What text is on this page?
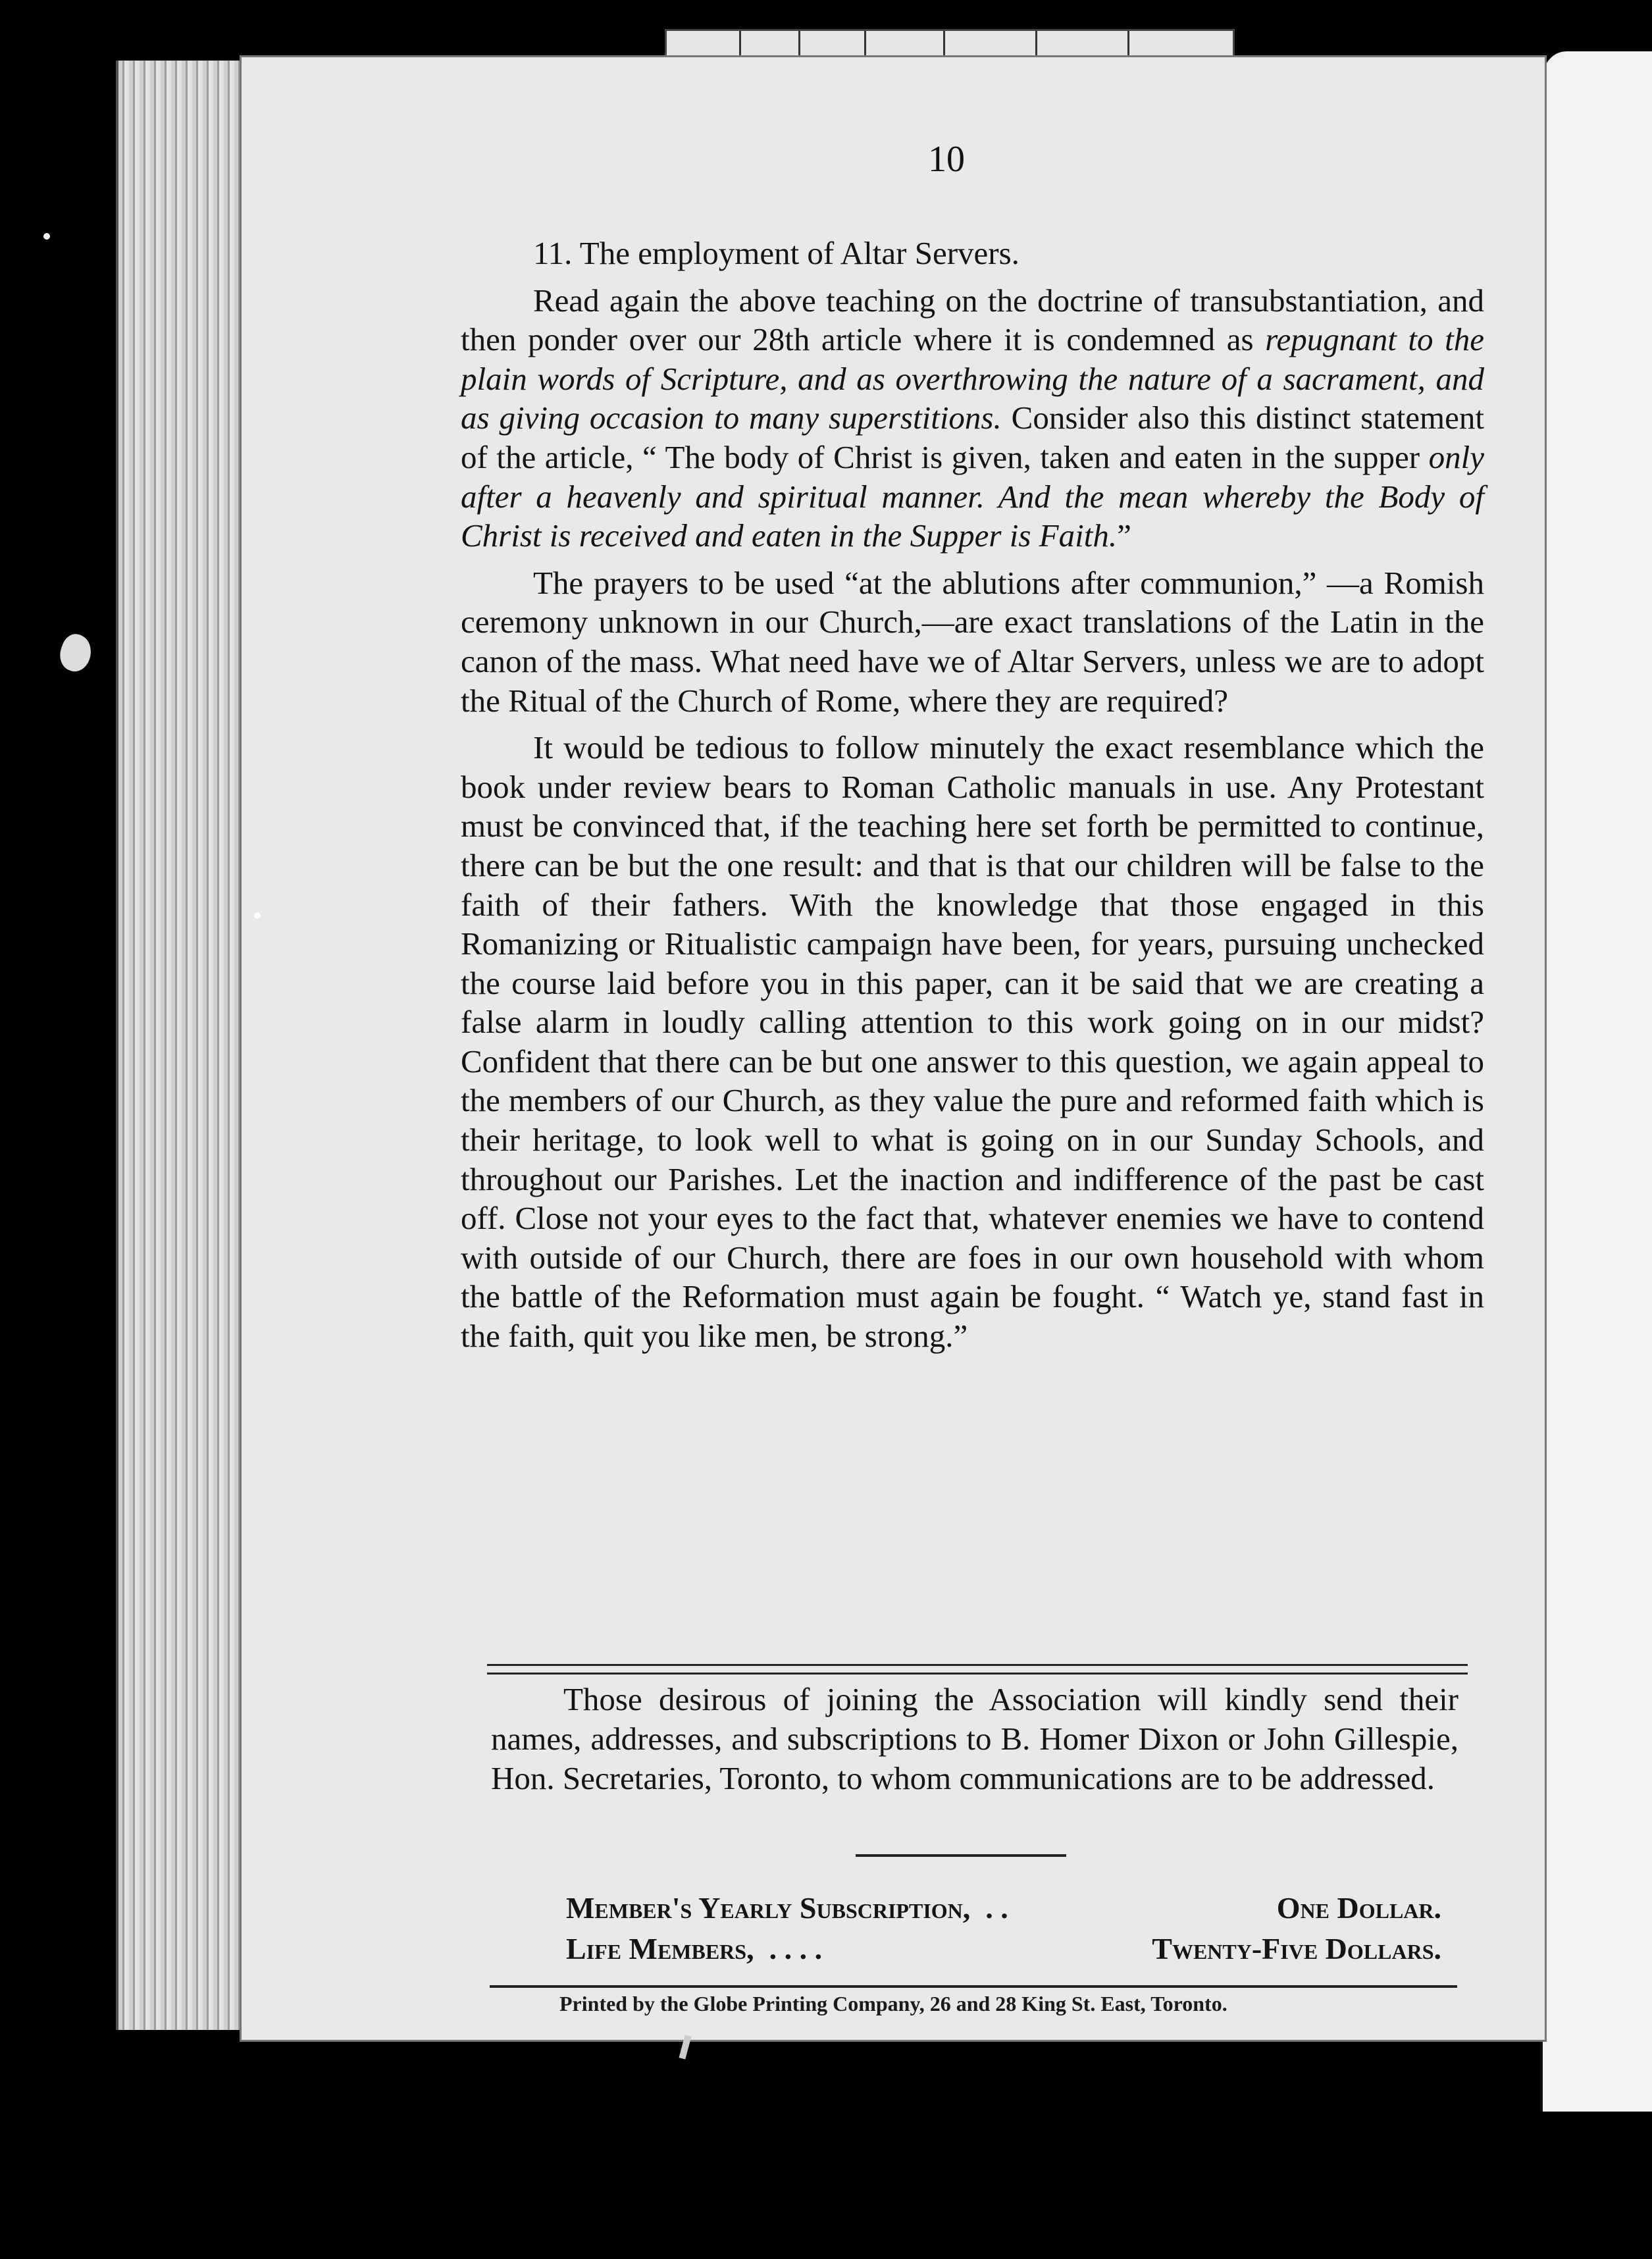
10

11. The employment of Altar Servers.

Read again the above teaching on the doctrine of transubstantiation, and then ponder over our 28th article where it is condemned as repugnant to the plain words of Scripture, and as overthrowing the nature of a sacrament, and as giving occasion to many superstitions. Consider also this distinct statement of the article, “ The body of Christ is given, taken and eaten in the supper only after a heavenly and spiritual manner. And the mean whereby the Body of Christ is received and eaten in the Supper is Faith.”

The prayers to be used “at the ablutions after communion,” —a Romish ceremony unknown in our Church,—are exact translations of the Latin in the canon of the mass. What need have we of Altar Servers, unless we are to adopt the Ritual of the Church of Rome, where they are required?

It would be tedious to follow minutely the exact resemblance which the book under review bears to Roman Catholic manuals in use. Any Protestant must be convinced that, if the teaching here set forth be permitted to continue, there can be but the one result: and that is that our children will be false to the faith of their fathers. With the knowledge that those engaged in this Romanizing or Ritualistic campaign have been, for years, pursuing unchecked the course laid before you in this paper, can it be said that we are creating a false alarm in loudly calling attention to this work going on in our midst? Confident that there can be but one answer to this question, we again appeal to the members of our Church, as they value the pure and reformed faith which is their heritage, to look well to what is going on in our Sunday Schools, and throughout our Parishes. Let the inaction and indifference of the past be cast off. Close not your eyes to the fact that, whatever enemies we have to contend with outside of our Church, there are foes in our own household with whom the battle of the Reformation must again be fought. “ Watch ye, stand fast in the faith, quit you like men, be strong.”

Those desirous of joining the Association will kindly send their names, addresses, and subscriptions to B. Homer Dixon or John Gillespie, Hon. Secretaries, Toronto, to whom communications are to be addressed.

Member's Yearly Subscription, . .	One Dollar.
Life Members, . . . .	Twenty-Five Dollars.
Printed by the Globe Printing Company, 26 and 28 King St. East, Toronto.
